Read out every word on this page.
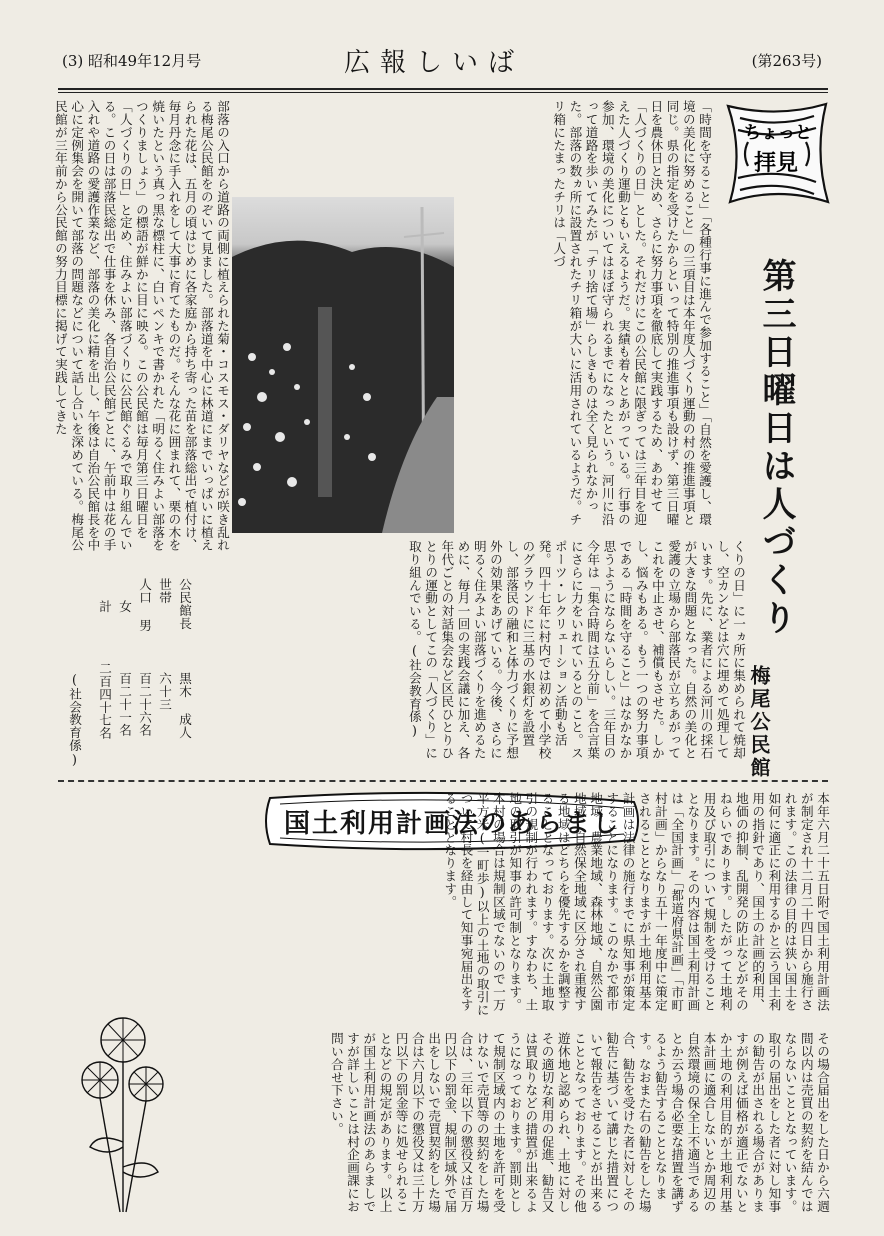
(3) 昭和49年12月号	広報しいば	(第263号)
ちょっと
拝見
第三日曜日は人づくり
梅尾公民館
くりの日」に一ヵ所に集められて焼却し、空カンなどは穴に埋めて処理しています。先に、業者による河川の採石が大きな問題となった。自然の美化と愛護の立場から部落民が立ちあがってこれを中止させ、補償もさせた。しかし、悩みもある。もう一つの努力事項である「時間を守ること」はなかなか思うようにならないらしい。三年目の今年は「集合時間は五分前」を合言葉にさらに力をいれているとのこと。スポーツ・レクリェーション活動も活発。四十七年に村内では初めて小学校のグラウンドに三基の水銀灯を設置し、部落民の融和と体力づくりに予想外の効果をあげている。今後、さらに明るく住みよい部落づくりを進めるために、毎月一回の実践会議に加え、各年代ごとの対話集会など区民ひとりひとりの運動としてこの「人づくり」に取り組んでいる。(社会教育係)
「時間を守ること」「各種行事に進んで参加すること」「自然を愛護し、環境の美化に努めること」の三項目は本年度人づくり運動の村の推進事項と同じ。県の指定を受けたからといって特別の推進事項も設けず、第三日曜日を農休日と決め、さらに努力事項を徹底して実践するため、あわせて「人づくりの日」とした。それだけにこの公民館に限ぎっては三年目を迎えた人づくり運動ともいえるようだ。実績も着々とあがっている。行事の参加、環境の美化についてはほぼ守られるまでになったという。河川に沿って道路を歩いてみたが「チリ捨て場」らしきものは全く見られなかった。部落の数ヵ所に設置されたチリ箱が大いに活用されているようだ。チリ箱にたまったチリは「人づ
部落の入口から道路の両側に植えられた菊・コスモス・ダリヤなどが咲き乱れる梅尾公民館をのぞいて見ました。部落道を中心に林道にまでいっぱいに植えられた花は、五月の頃はじめに各家庭から持ち寄った苗を部落総出で植付け、毎月丹念に手入れをして大事に育てたものだ。そんな花に囲まれて、栗の木を焼いたという真っ黒な標柱に、白いペンキで書かれた「明るく住みよい部落をつくりましょう」の標語が鮮かに目に映る。この公民館は毎月第三日曜日を「人づくりの日」と定め、住みよい部落づくりに公民館ぐるみで取り組んでいる。この日は部落民総出で仕事を休み、各自治公民館ごとに、午前中は花の手入れや道路の愛護作業など、部落の美化に精を出し、午後は自治公民館長を中心に定例集会を開いて部落の問題などについて話し合いを深めている。梅尾公民館が三年前から公民館の努力目標に掲げて実践してきた
公民館長
黒木 成人
世帯
六十三
人口 男
百二十六名
女
百二十一名
計
二百四十七名
(社会教育係)
国土利用計画法のあらまし	本年六月二十五日附で国土利用計画法が制定され十二月二十四日から施行されます。この法律の目的は狭い国土を如何に適正に利用するかと云う国土利用の指針であり、国土の計画的利用、地価の抑制、乱開発の防止などがそのねらいであります。したがって土地利用及び取引について規制を受けることとなります。その内容は国土利用計画は「全国計画」「都道府県計画」「市町村計画」からなり五十一年度中に策定されることとなりますが土地利用基本計画は法律の施行までに県知事が策定することになります。このなかで都市地域、農業地域、森林地域、自然公園地域、自然保全地域に区分され重複する地域はどちらを優先するかを調整することとなっております。次に土地取引の規制が行われます。すなわち、土地の取引が知事の許可制となります。本村の場合は規制区域でないので一万平方米(一町歩)以上の土地の取引について村長を経由して知事宛届出をすることとなります。
その場合届出をした日から六週間以内は売買の契約を結んではならないこととなっています。取引の届出をした者に対し知事の勧告が出される場合がありますが例えば価格が適正でないとか土地の利用目的が土地利用基本計画に適合しないとか周辺の自然環境の保全上不適当であるとか云う場合必要な措置を講ずるよう勧告することとなります。なおまた右の勧告をした場合、勧告を受けた者に対しその勧告に基づいて講じた措置について報告をさせることが出来ることとなっております。その他遊休地と認められ、土地に対しその適切な利用の促進、勧告又は買取りなどの措置が出来るようになっております。罰則として規制区域内の土地を許可を受けないで売買等の契約をした場合は、三年以下の懲役又は百万円以下の罰金、規制区域外で届出をしないで売買契約をした場合は六月以下の懲役又は三十万円以下の罰金等に処せられることなどの規定があります。以上が国土利用計画法のあらましですが詳しいことは村企画課にお問い合せ下さい。
